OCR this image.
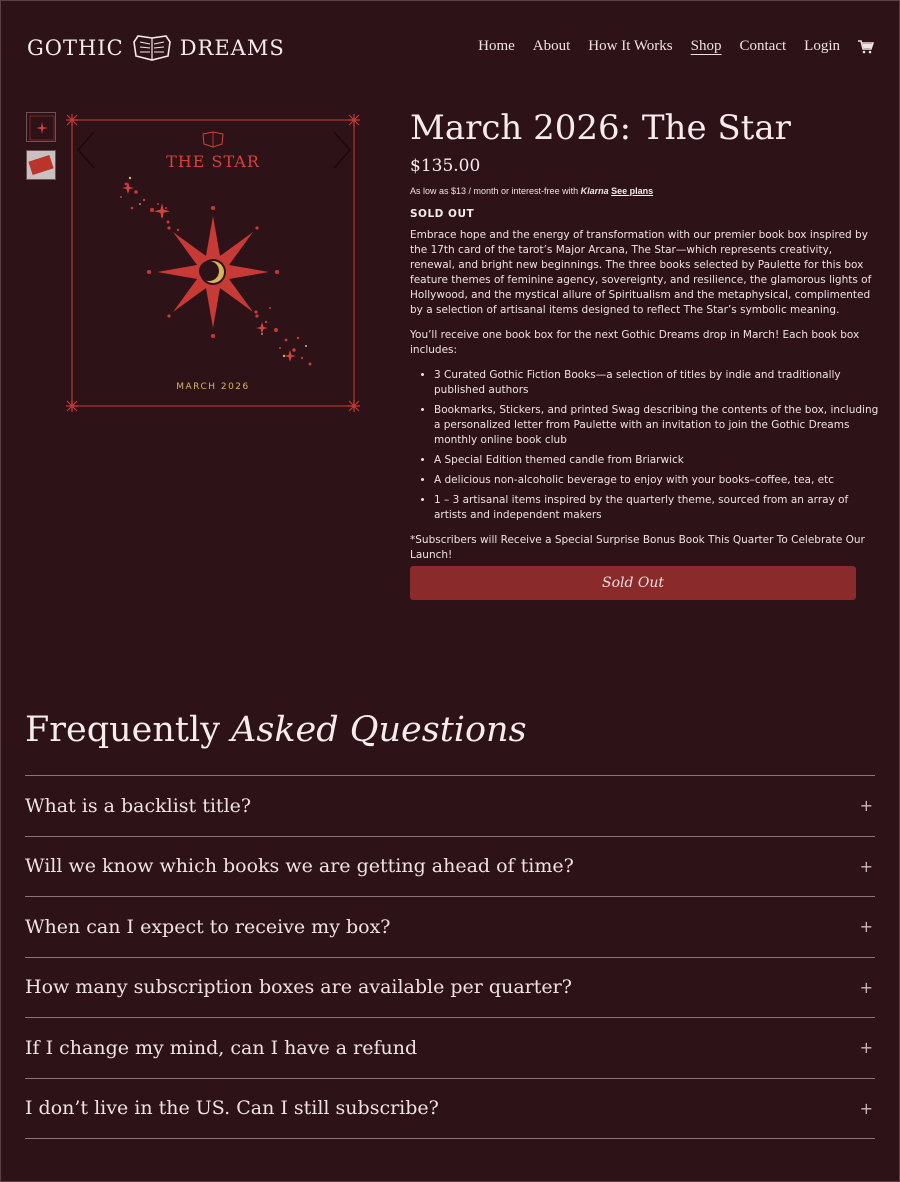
GOTHIC	DREAMS	Home About How It Works Shop Contact Login
THE STAR
MARCH 2026
March 2026: The Star
$135.00
As low as $13 / month or interest-free with Klarna See plans
SOLD OUT

Embrace hope and the energy of transformation with our premier book box inspired by the 17th card of the tarot’s Major Arcana, The Star—which represents creativity, renewal, and bright new beginnings. The three books selected by Paulette for this box feature themes of feminine agency, sovereignty, and resilience, the glamorous lights of Hollywood, and the mystical allure of Spiritualism and the metaphysical, complimented by a selection of artisanal items designed to reflect The Star’s symbolic meaning.

You’ll receive one book box for the next Gothic Dreams drop in March! Each book box includes:

• 3 Curated Gothic Fiction Books—a selection of titles by indie and traditionally published authors
• Bookmarks, Stickers, and printed Swag describing the contents of the box, including a personalized letter from Paulette with an invitation to join the Gothic Dreams monthly online book club
• A Special Edition themed candle from Briarwick
• A delicious non-alcoholic beverage to enjoy with your books–coffee, tea, etc
• 1 – 3 artisanal items inspired by the quarterly theme, sourced from an array of artists and independent makers
*Subscribers will Receive a Special Surprise Bonus Book This Quarter To Celebrate Our Launch!
Sold Out
Frequently Asked Questions
What is a backlist title?	+
Will we know which books we are getting ahead of time?	+
When can I expect to receive my box?	+
How many subscription boxes are available per quarter?	+
If I change my mind, can I have a refund	+
I don’t live in the US. Can I still subscribe?	+
